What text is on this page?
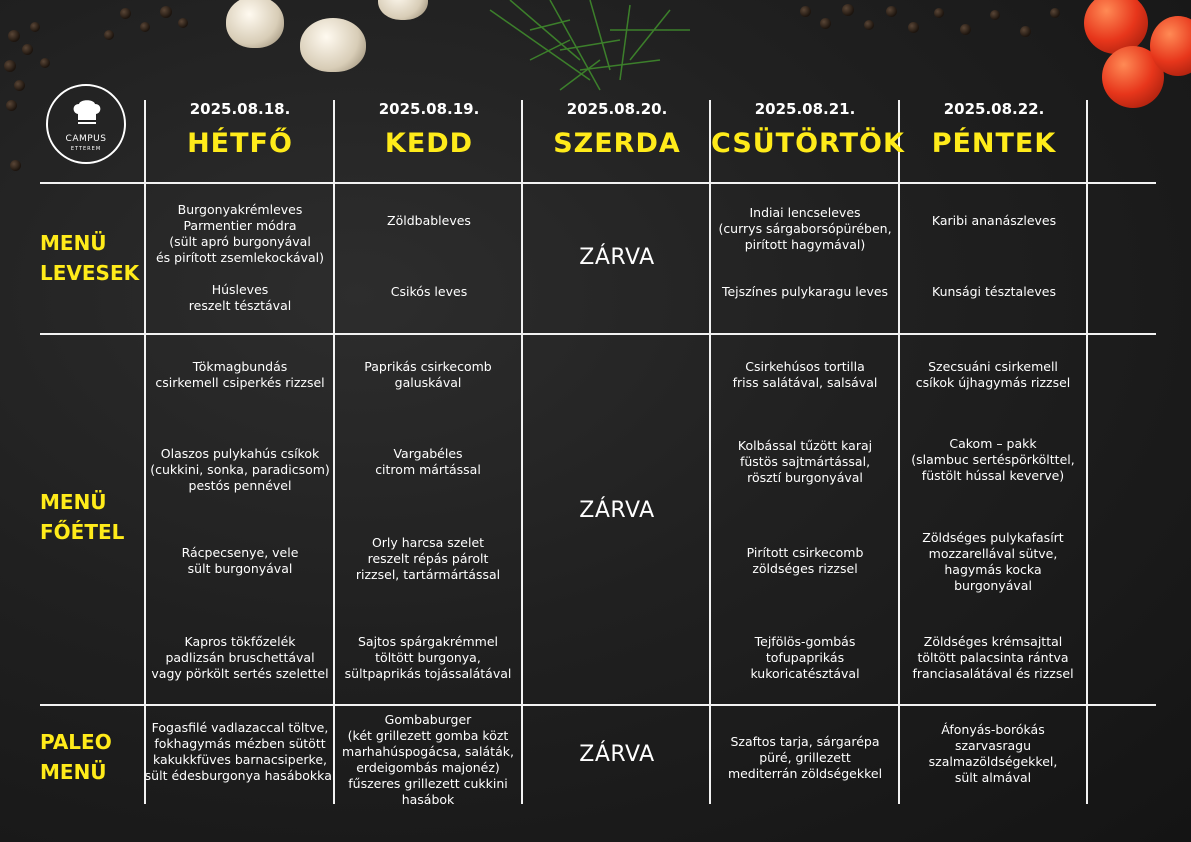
CAMPUS
ETTEREM
2025.08.18.
HÉTFŐ
2025.08.19.
KEDD
2025.08.20.
SZERDA
2025.08.21.
CSÜTÖRTÖK
2025.08.22.
PÉNTEK
MENÜ
LEVESEK
MENÜ
FŐÉTEL
PALEO
MENÜ
Burgonyakrémleves
Parmentier módra
(sült apró burgonyával
és pirított zsemlekockával)
Húsleves
reszelt tésztával
Zöldbableves
Csikós leves
ZÁRVA
Indiai lencseleves
(currys sárgaborsópürében,
pirított hagymával)
Tejszínes pulykaragu leves
Karibi ananászleves
Kunsági tésztaleves
Tökmagbundás
csirkemell csiperkés rizzsel
Olaszos pulykahús csíkok
(cukkini, sonka, paradicsom)
pestós pennével
Rácpecsenye, vele
sült burgonyával
Kapros tökfőzelék
padlizsán bruschettával
vagy pörkölt sertés szelettel
Paprikás csirkecomb
galuskával
Vargabéles
citrom mártással
Orly harcsa szelet
reszelt répás párolt
rizzsel, tartármártással
Sajtos spárgakrémmel
töltött burgonya,
sültpaprikás tojássalátával
ZÁRVA
Csirkehúsos tortilla
friss salátával, salsával
Kolbással tűzött karaj
füstös sajtmártással,
rösztí burgonyával
Pirított csirkecomb
zöldséges rizzsel
Tejfölös-gombás
tofupaprikás
kukoricatésztával
Szecsuáni csirkemell
csíkok újhagymás rizzsel
Cakom – pakk
(slambuc sertéspörkölttel,
füstölt hússal keverve)
Zöldséges pulykafasírt
mozzarellával sütve,
hagymás kocka
burgonyával
Zöldséges krémsajttal
töltött palacsinta rántva
franciasalátával és rizzsel
Fogasfilé vadlazaccal töltve,
fokhagymás mézben sütött
kakukkfüves barnacsiperke,
sült édesburgonya hasábokkal
Gombaburger
(két grillezett gomba közt
marhahúspogácsa, saláták,
erdeigombás majonéz)
fűszeres grillezett cukkini
hasábok
ZÁRVA
Szaftos tarja, sárgarépa
püré, grillezett
mediterrán zöldségekkel
Áfonyás-borókás
szarvasragu
szalmazöldségekkel,
sült almával
